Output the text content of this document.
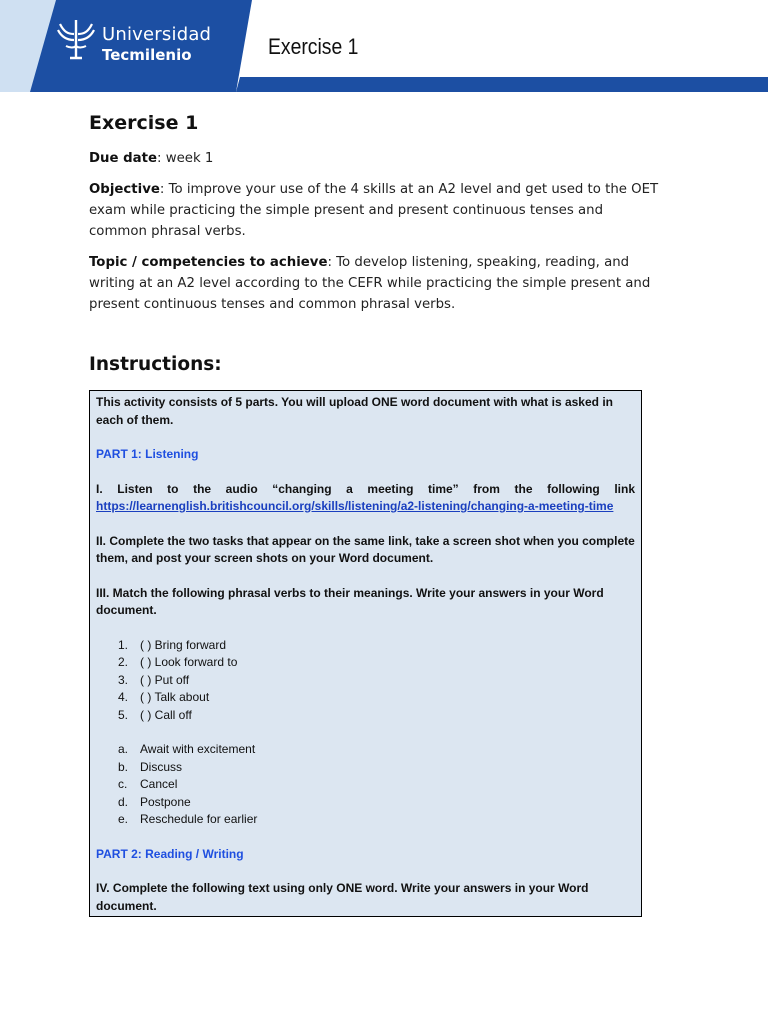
Universidad
Tecmilenio	Exercise 1
Exercise 1

Due date: week 1

Objective: To improve your use of the 4 skills at an A2 level and get used to the OET exam while practicing the simple present and present continuous tenses and common phrasal verbs.

Topic / competencies to achieve: To develop listening, speaking, reading, and writing at an A2 level according to the CEFR while practicing the simple present and present continuous tenses and common phrasal verbs.

Instructions:

This activity consists of 5 parts. You will upload ONE word document with what is asked in each of them.

PART 1: Listening

I. Listen to the audio “changing a meeting time” from the following link

https://learnenglish.britishcouncil.org/skills/listening/a2-listening/changing-a-meeting-time

II. Complete the two tasks that appear on the same link, take a screen shot when you complete them, and post your screen shots on your Word document.

III. Match the following phrasal verbs to their meanings. Write your answers in your Word document.

1. ( ) Bring forward
2. ( ) Look forward to
3. ( ) Put off
4. ( ) Talk about
5. ( ) Call off
a. Await with excitement
b. Discuss
c. Cancel
d. Postpone
e. Reschedule for earlier

PART 2: Reading / Writing

IV. Complete the following text using only ONE word. Write your answers in your Word document.
